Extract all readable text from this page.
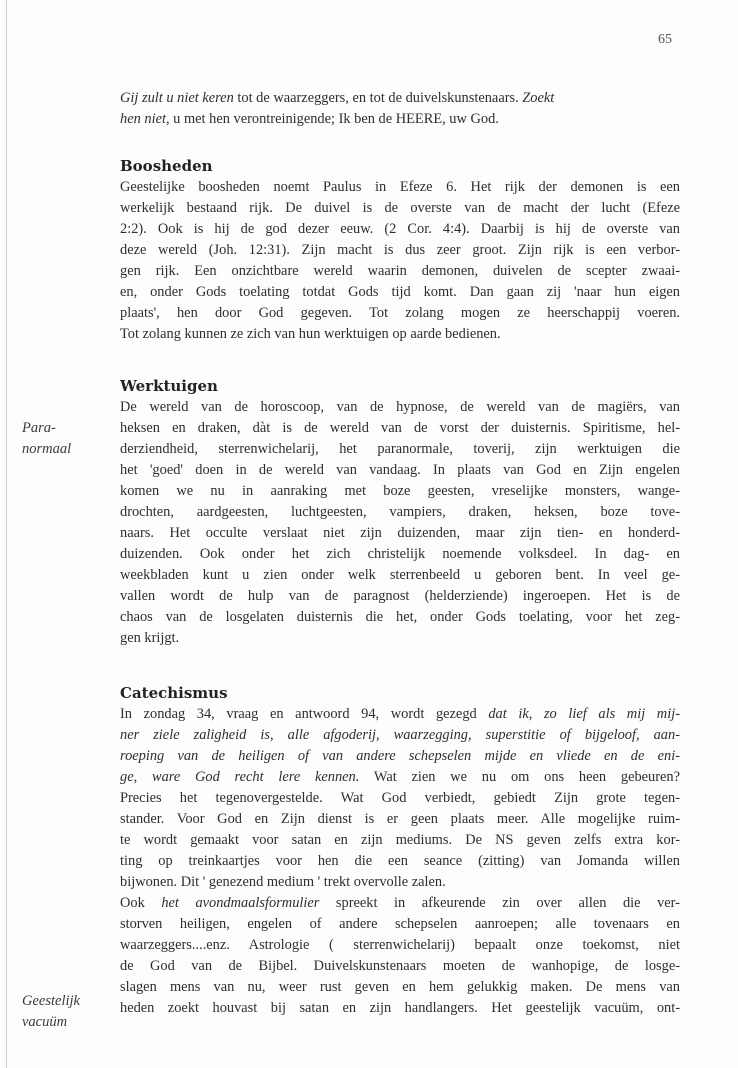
65
Gij zult u niet keren tot de waarzeggers, en tot de duivelskunstenaars. Zoekt
hen niet, u met hen verontreinigende; Ik ben de HEERE, uw God.
Boosheden
Geestelijke boosheden noemt Paulus in Efeze 6. Het rijk der demonen is een
werkelijk bestaand rijk. De duivel is de overste van de macht der lucht (Efeze
2:2). Ook is hij de god dezer eeuw. (2 Cor. 4:4). Daarbij is hij de overste van
deze wereld (Joh. 12:31). Zijn macht is dus zeer groot. Zijn rijk is een verbor-
gen rijk. Een onzichtbare wereld waarin demonen, duivelen de scepter zwaai-
en, onder Gods toelating totdat Gods tijd komt. Dan gaan zij 'naar hun eigen
plaats', hen door God gegeven. Tot zolang mogen ze heerschappij voeren.
Tot zolang kunnen ze zich van hun werktuigen op aarde bedienen.
Para-
normaal
Werktuigen
De wereld van de horoscoop, van de hypnose, de wereld van de magiërs, van
heksen en draken, dàt is de wereld van de vorst der duisternis. Spiritisme, hel-
derziendheid, sterrenwichelarij, het paranormale, toverij, zijn werktuigen die
het 'goed' doen in de wereld van vandaag. In plaats van God en Zijn engelen
komen we nu in aanraking met boze geesten, vreselijke monsters, wange-
drochten, aardgeesten, luchtgeesten, vampiers, draken, heksen, boze tove-
naars. Het occulte verslaat niet zijn duizenden, maar zijn tien- en honderd-
duizenden. Ook onder het zich christelijk noemende volksdeel. In dag- en
weekbladen kunt u zien onder welk sterrenbeeld u geboren bent. In veel ge-
vallen wordt de hulp van de paragnost (helderziende) ingeroepen. Het is de
chaos van de losgelaten duisternis die het, onder Gods toelating, voor het zeg-
gen krijgt.
Catechismus
In zondag 34, vraag en antwoord 94, wordt gezegd dat ik, zo lief als mij mij-
ner ziele zaligheid is, alle afgoderij, waarzegging, superstitie of bijgeloof, aan-
roeping van de heiligen of van andere schepselen mijde en vliede en de eni-
ge, ware God recht lere kennen. Wat zien we nu om ons heen gebeuren?
Precies het tegenovergestelde. Wat God verbiedt, gebiedt Zijn grote tegen-
stander. Voor God en Zijn dienst is er geen plaats meer. Alle mogelijke ruim-
te wordt gemaakt voor satan en zijn mediums. De NS geven zelfs extra kor-
ting op treinkaartjes voor hen die een seance (zitting) van Jomanda willen
bijwonen. Dit ' genezend medium ' trekt overvolle zalen.
Ook het avondmaalsformulier spreekt in afkeurende zin over allen die ver-
storven heiligen, engelen of andere schepselen aanroepen; alle tovenaars en
waarzeggers....enz. Astrologie ( sterrenwichelarij) bepaalt onze toekomst, niet
de God van de Bijbel. Duivelskunstenaars moeten de wanhopige, de losge-
slagen mens van nu, weer rust geven en hem gelukkig maken. De mens van
heden zoekt houvast bij satan en zijn handlangers. Het geestelijk vacuüm, ont-
Geestelijk
vacuüm
